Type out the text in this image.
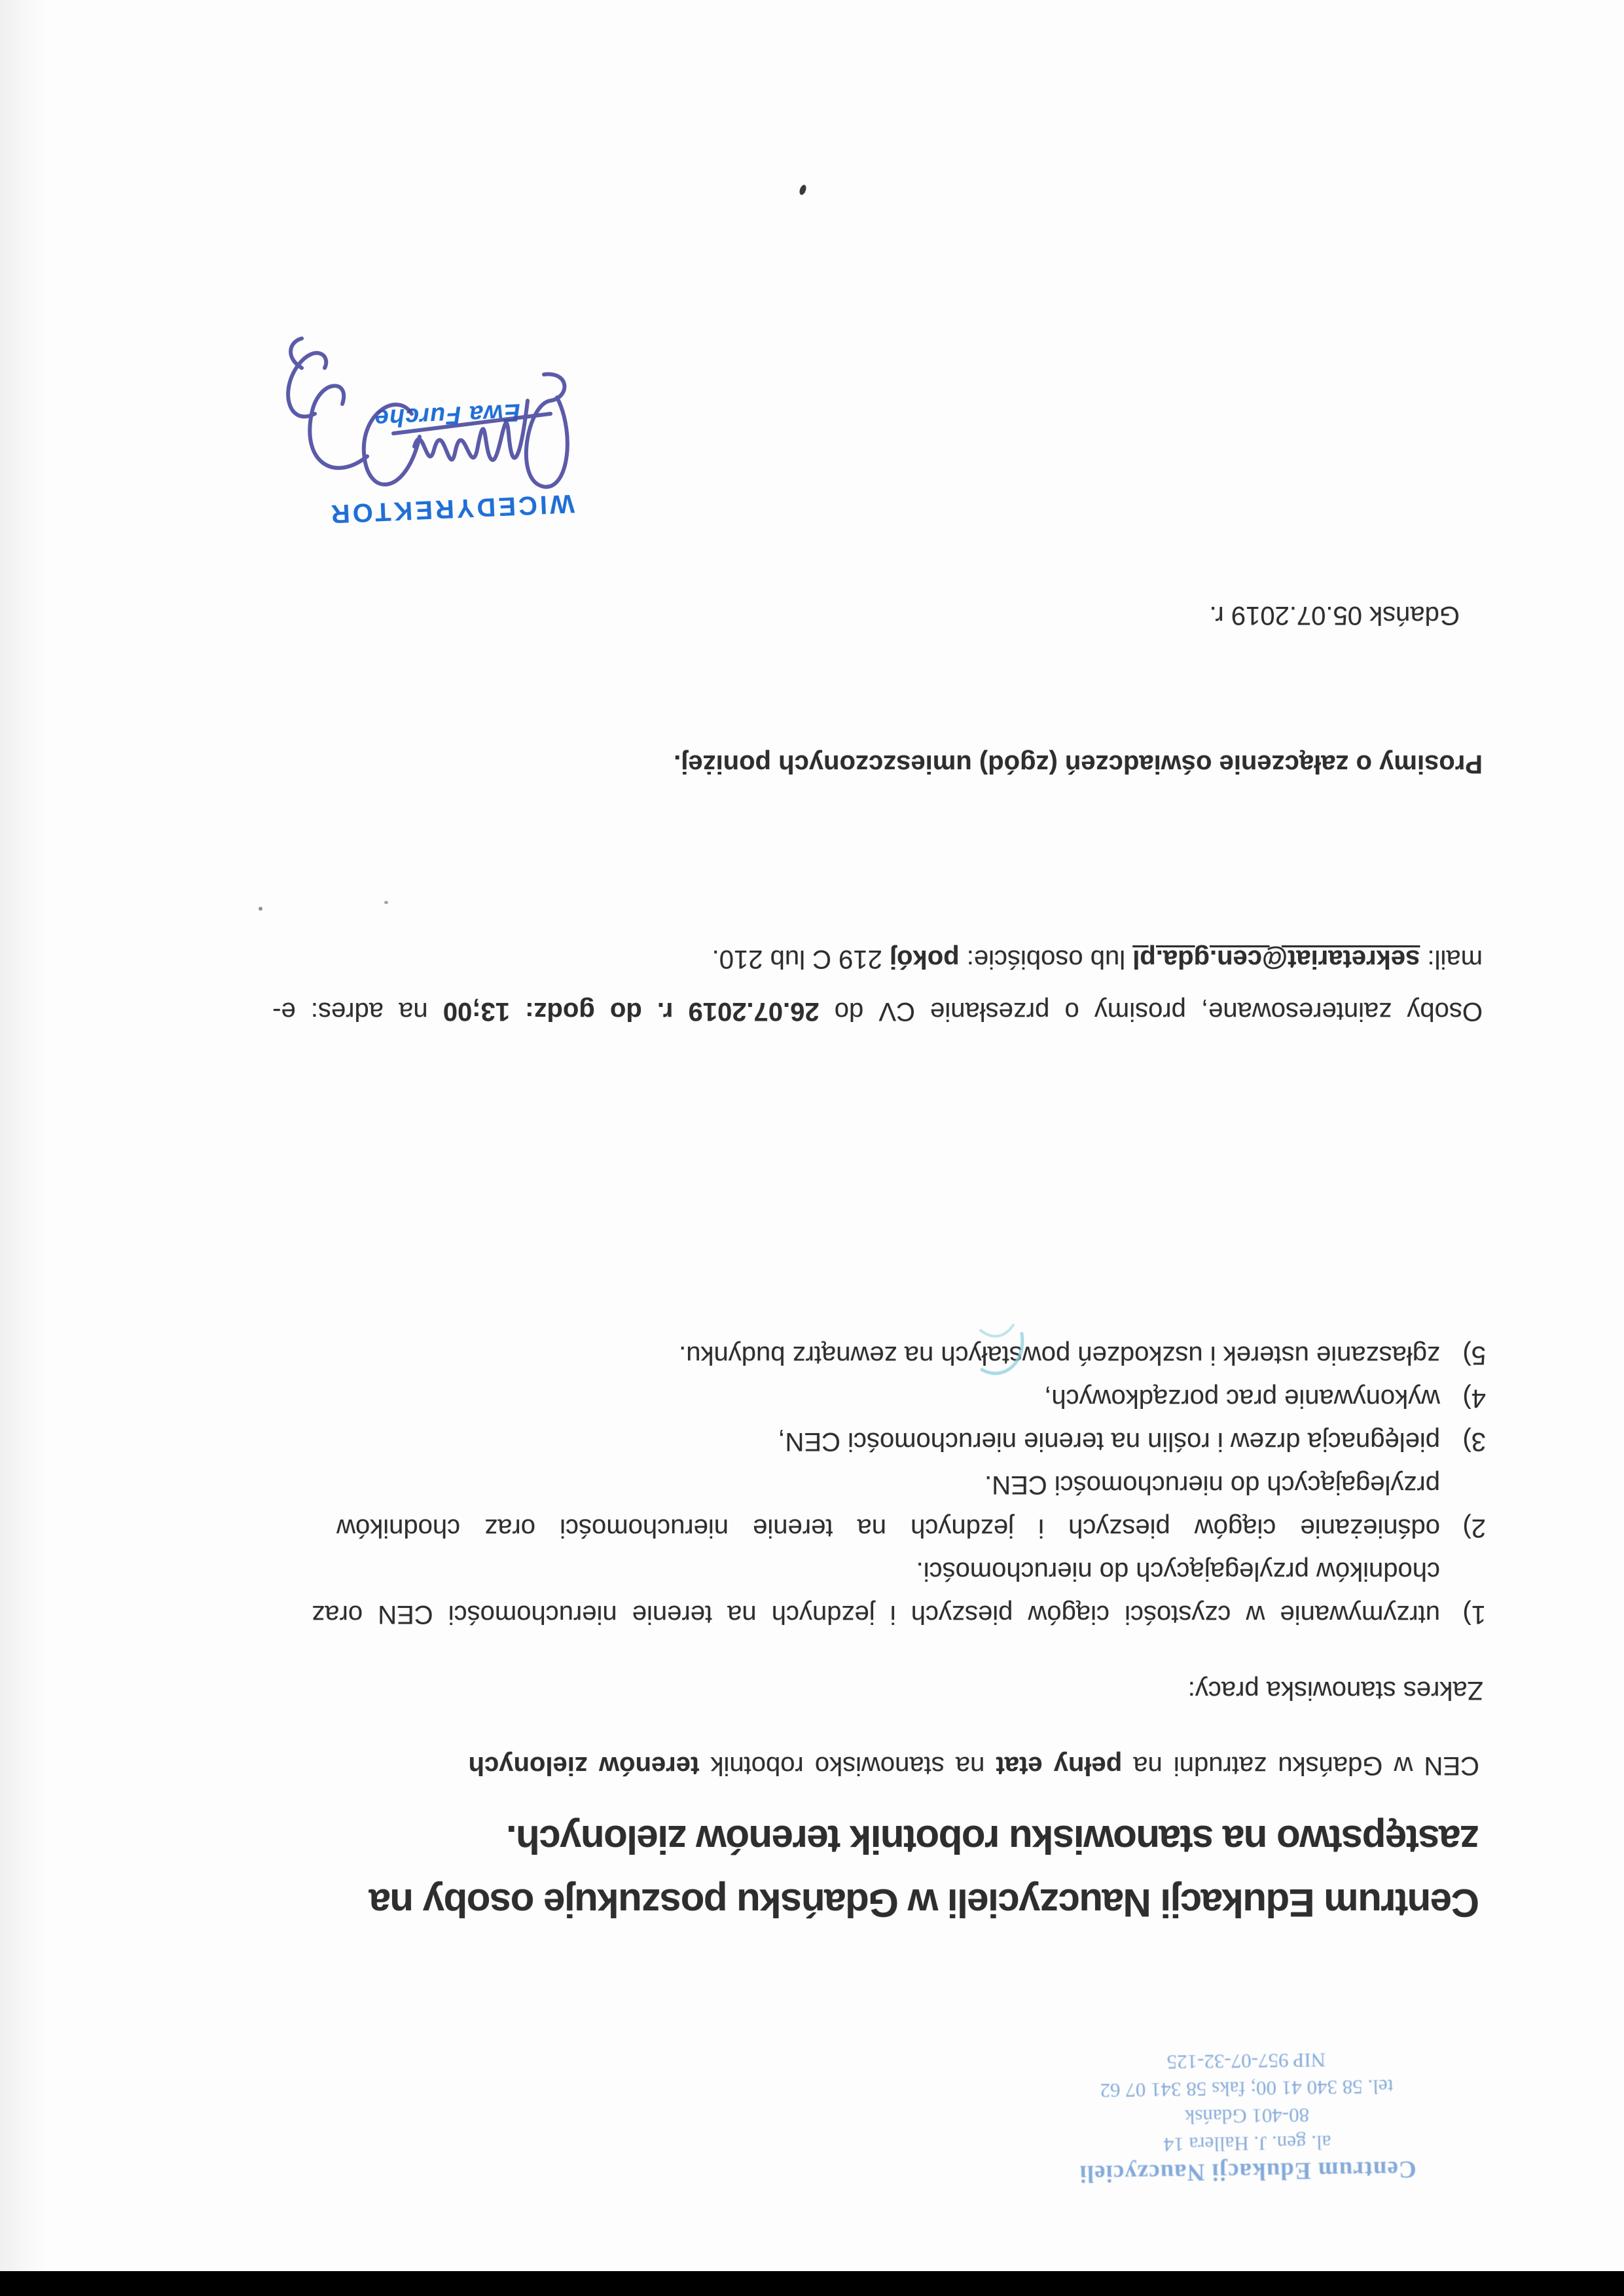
Centrum Edukacji Nauczycieli
al. gen. J. Hallera 14
80-401 Gdańsk
tel. 58 340 41 00; faks 58 341 07 62
NIP 957-07-32-125
Centrum Edukacji Nauczycieli w Gdańsku poszukuje osoby na
zastępstwo na stanowisku robotnik terenów zielonych.
CEN w Gdańsku zatrudni na pełny etat na stanowisko robotnik terenów zielonych
Zakres stanowiska pracy:
1)
utrzymywanie w czystości ciągów pieszych i jezdnych na terenie nieruchomości CEN oraz
chodników przylegających do nieruchomości.
2)
odśnieżanie ciągów pieszych i jezdnych na terenie nieruchomości oraz chodników
przylegających do nieruchomości CEN.
3)
pielęgnacja drzew i roślin na terenie nieruchomości CEN,
4)
wykonywanie prac porządkowych,
5)
zgłaszanie usterek i uszkodzeń powstałych na zewnątrz budynku.
Osoby zainteresowane, prosimy o przesłanie CV do 26.07.2019 r. do godz: 13;00 na adres: e-
mail: sekretariat@cen.gda.pl lub osobiście: pokój 219 C lub 210.
Prosimy o załączenie oświadczeń (zgód) umieszczonych poniżej.
Gdańsk 05.07.2019 r.
WICEDYREKTOR
Ewa Furche
